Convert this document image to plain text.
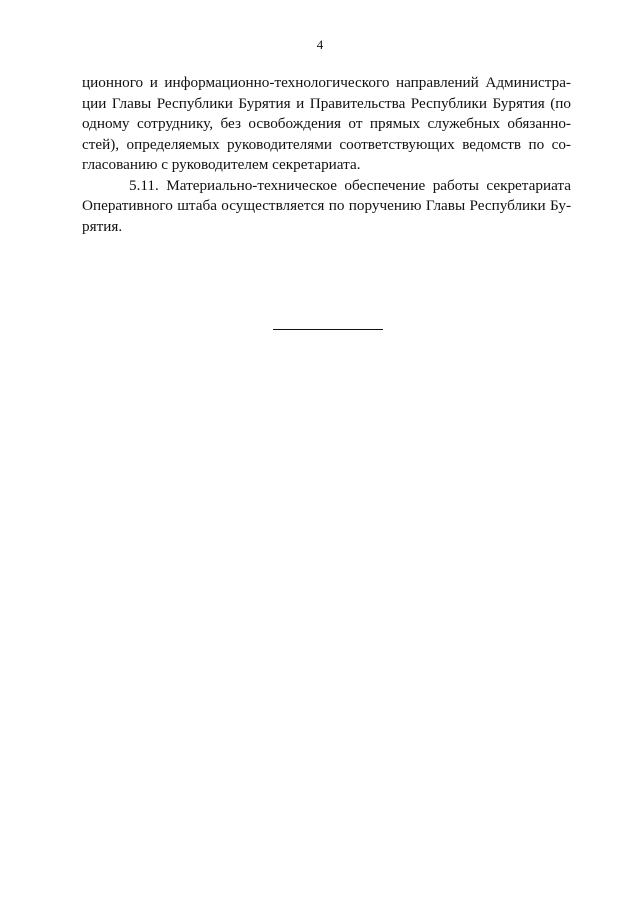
4
ционного и информационно-технологического направлений Администра-
ции Главы Республики Бурятия и Правительства Республики Бурятия (по
одному сотруднику, без освобождения от прямых служебных обязанно-
стей), определяемых руководителями соответствующих ведомств по со-
гласованию с руководителем секретариата.
5.11. Материально-техническое обеспечение работы секретариата
Оперативного штаба осуществляется по поручению Главы Республики Бу-
рятия.
